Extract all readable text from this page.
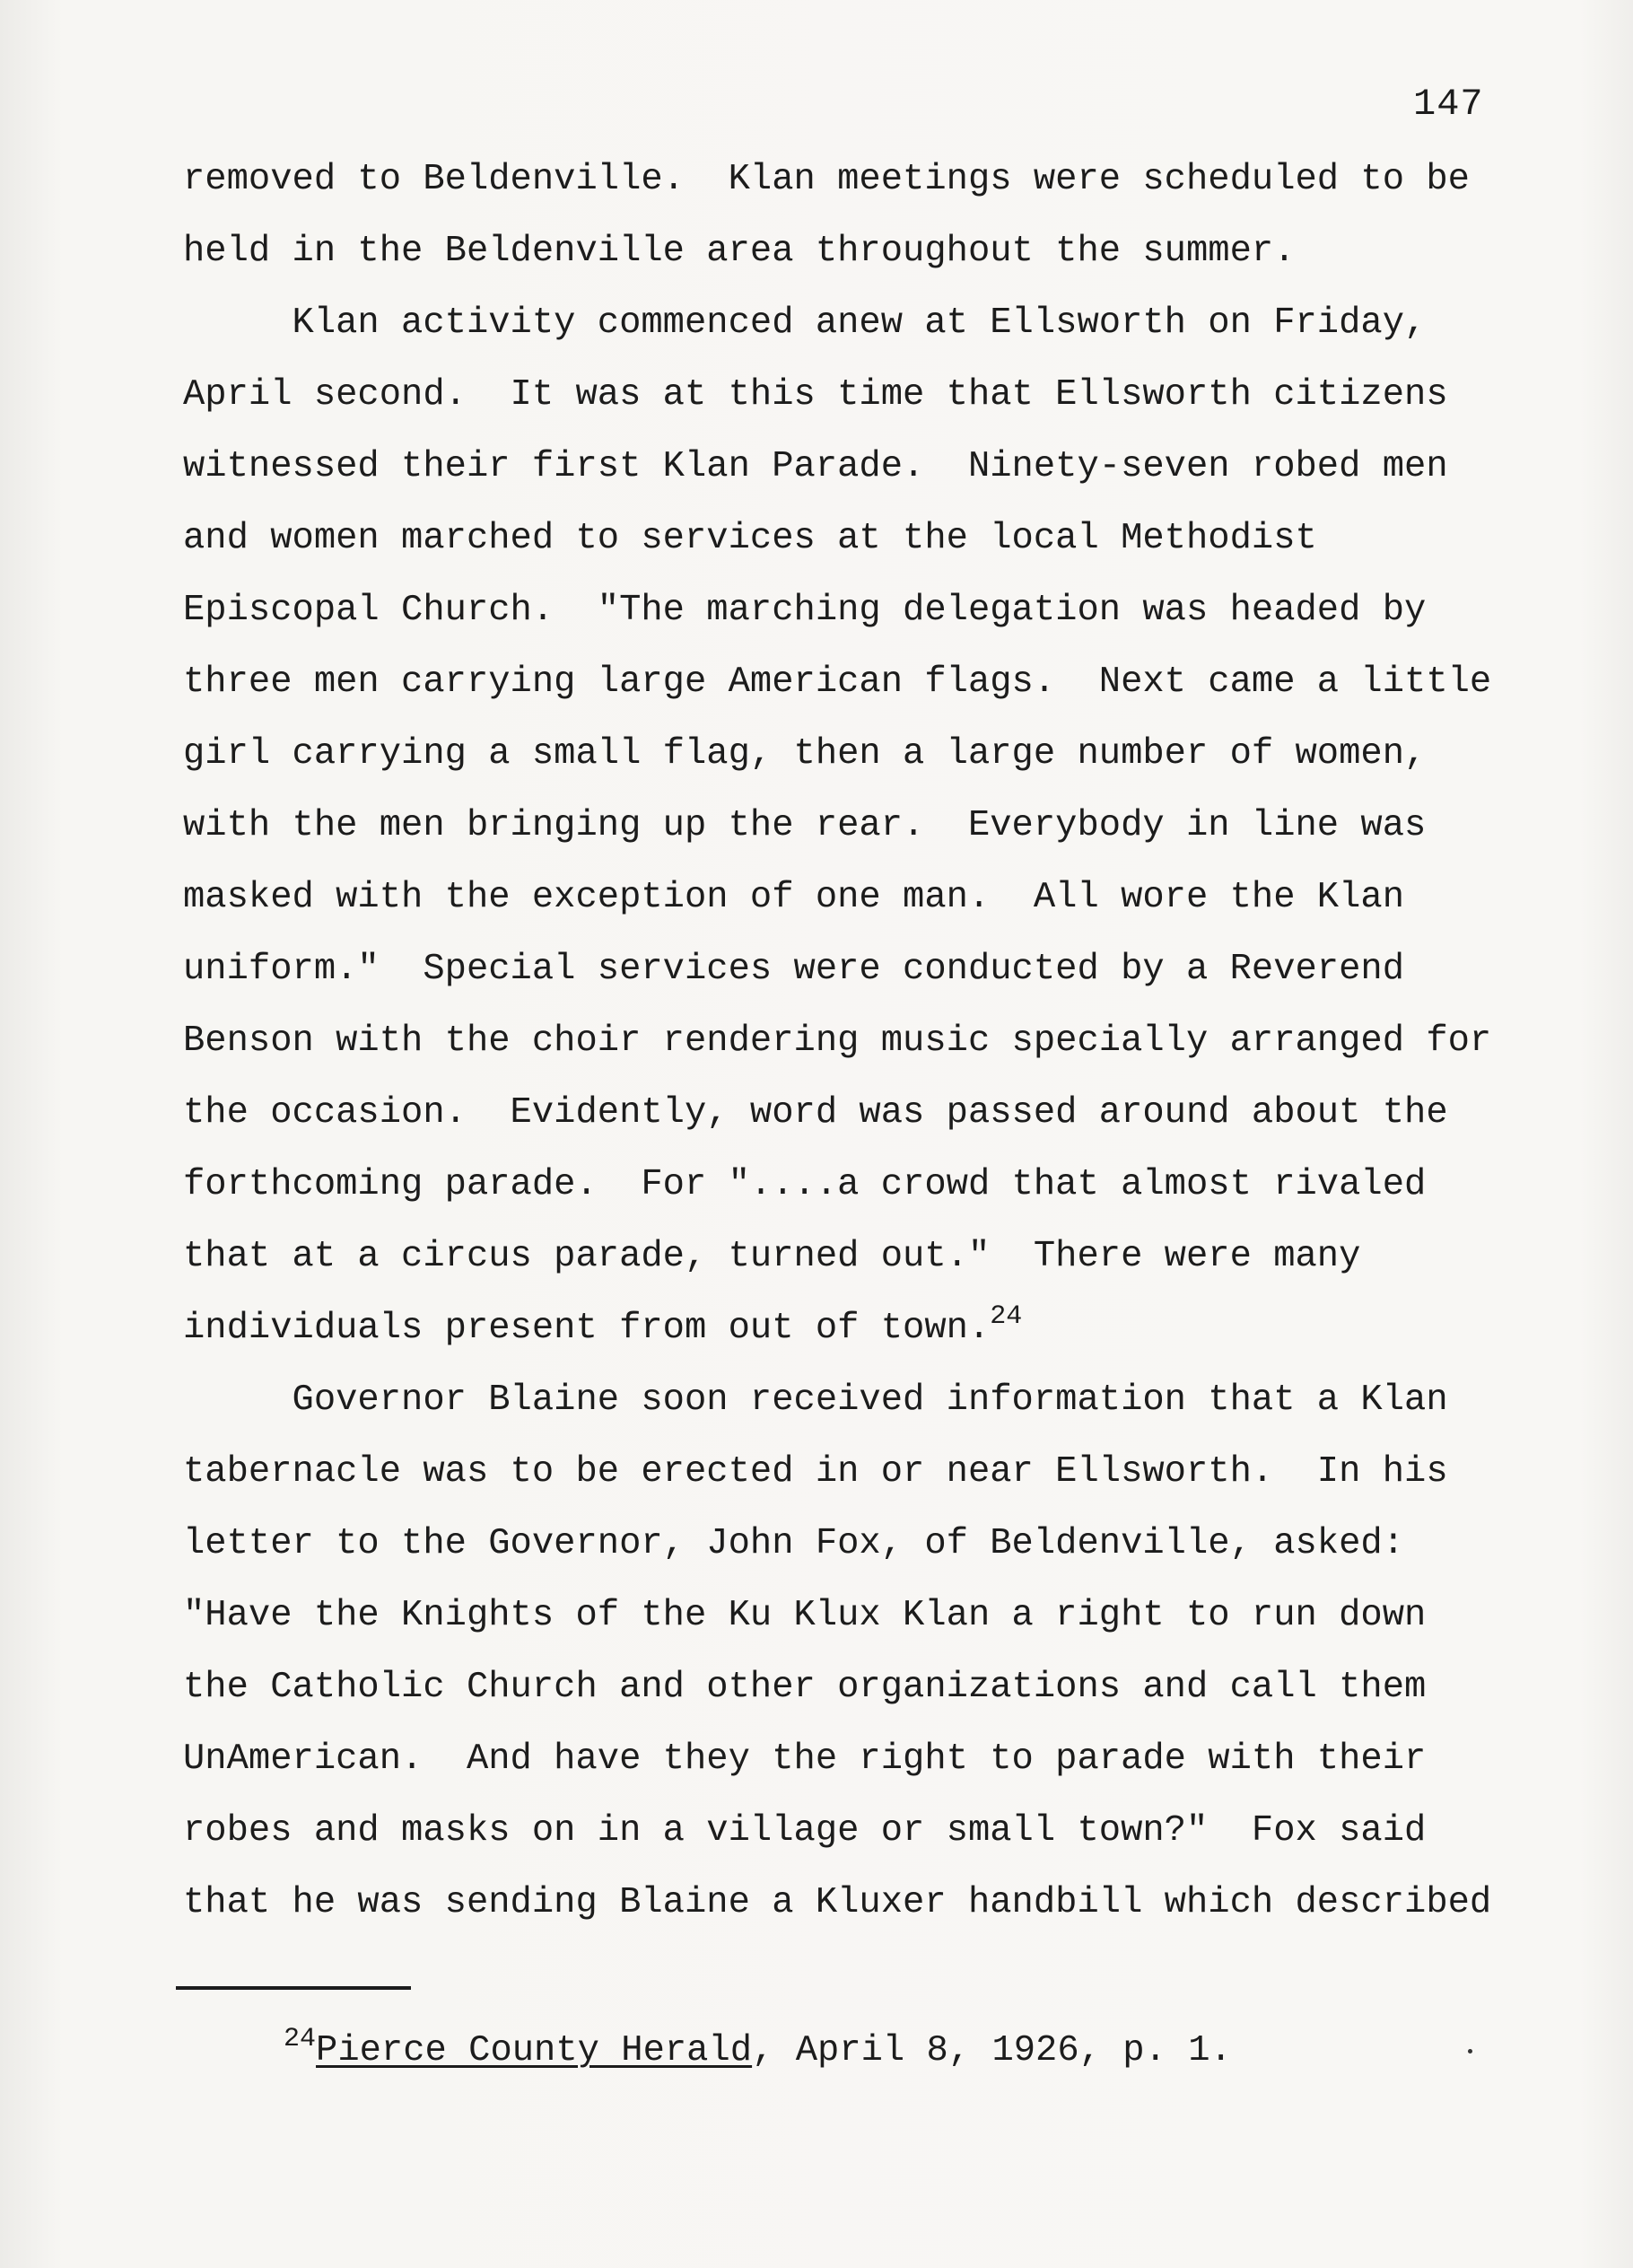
147
removed to Beldenville.  Klan meetings were scheduled to be
held in the Beldenville area throughout the summer.
Klan activity commenced anew at Ellsworth on Friday,
April second.  It was at this time that Ellsworth citizens
witnessed their first Klan Parade.  Ninety-seven robed men
and women marched to services at the local Methodist
Episcopal Church.  "The marching delegation was headed by
three men carrying large American flags.  Next came a little
girl carrying a small flag, then a large number of women,
with the men bringing up the rear.  Everybody in line was
masked with the exception of one man.  All wore the Klan
uniform."  Special services were conducted by a Reverend
Benson with the choir rendering music specially arranged for
the occasion.  Evidently, word was passed around about the
forthcoming parade.  For "....a crowd that almost rivaled
that at a circus parade, turned out."  There were many
individuals present from out of town.$^{24}$
Governor Blaine soon received information that a Klan
tabernacle was to be erected in or near Ellsworth.  In his
letter to the Governor, John Fox, of Beldenville, asked:
"Have the Knights of the Ku Klux Klan a right to run down
the Catholic Church and other organizations and call them
UnAmerican.  And have they the right to parade with their
robes and masks on in a village or small town?"  Fox said
that he was sending Blaine a Kluxer handbill which described
$^{24}$Pierce County Herald, April 8, 1926, p. 1.
